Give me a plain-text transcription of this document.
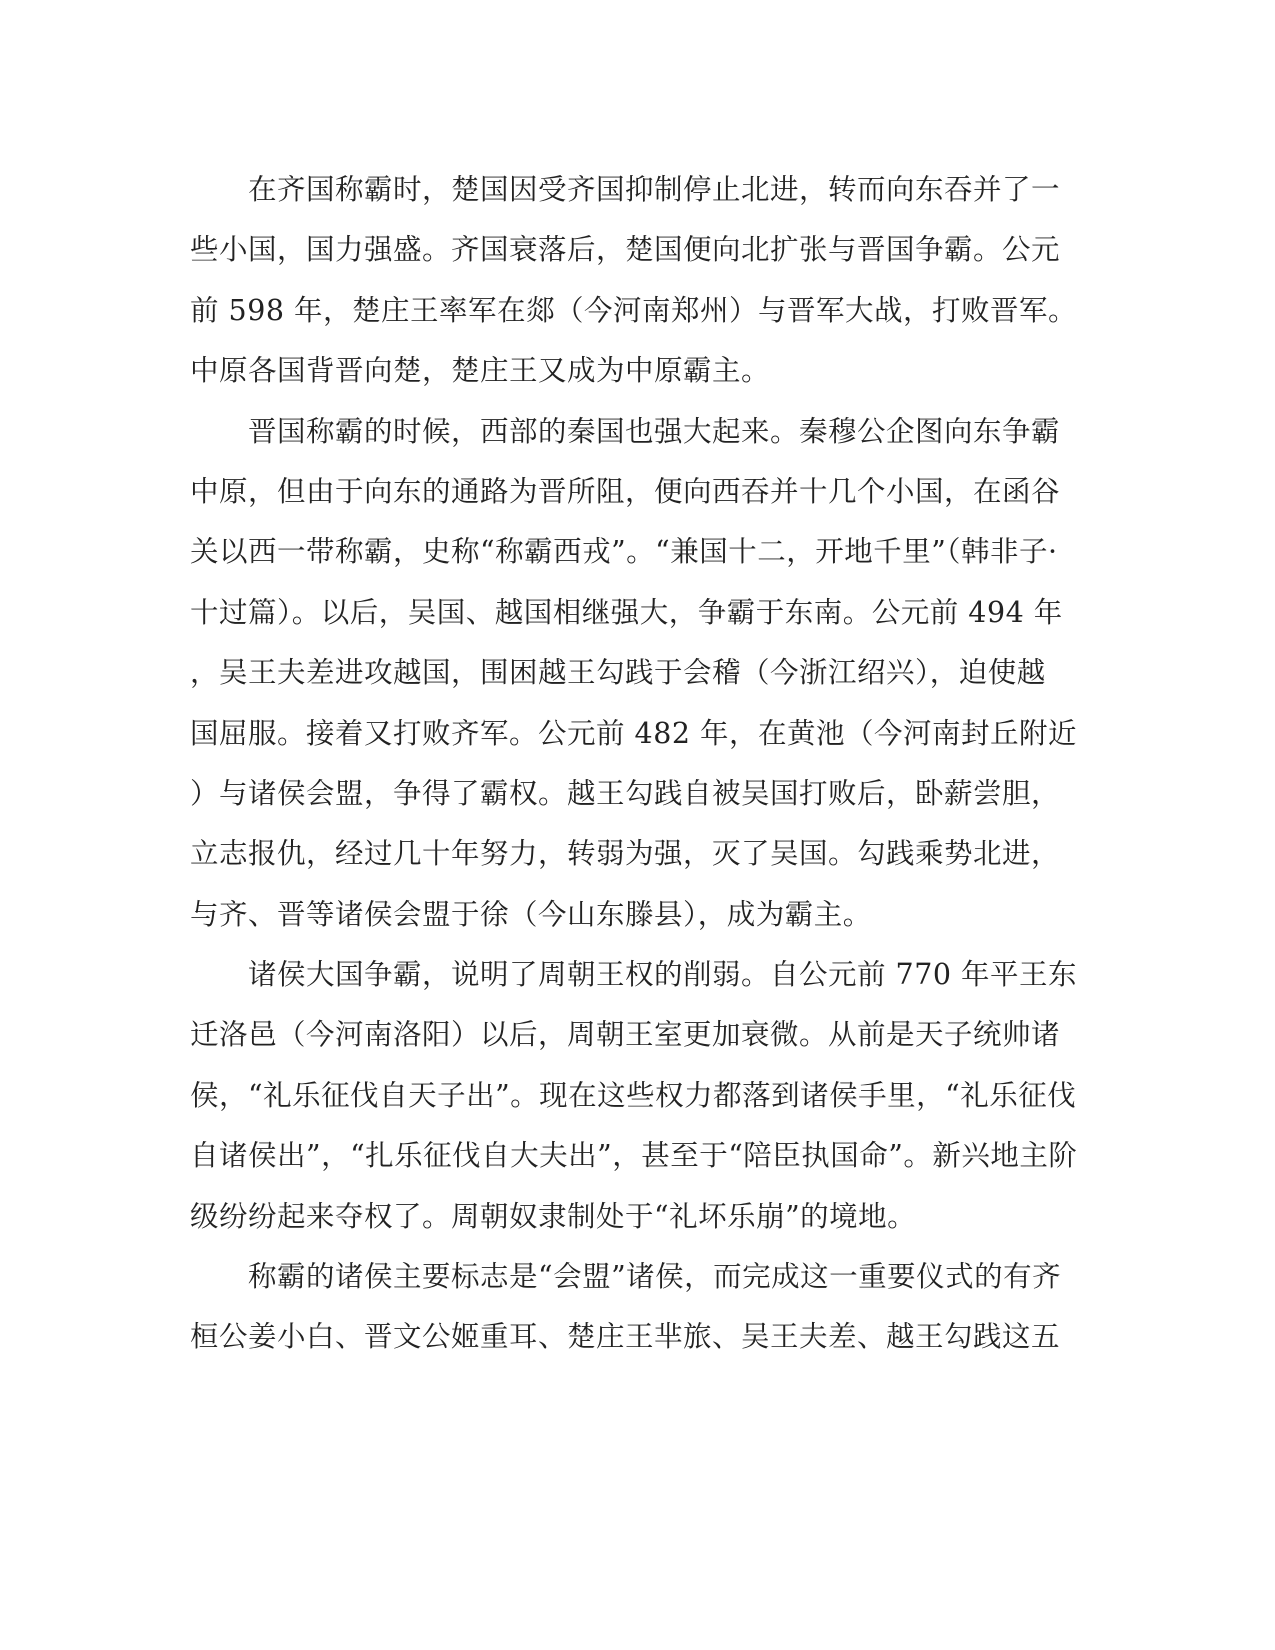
　　在齐国称霸时，楚国因受齐国抑制停止北进，转而向东吞并了一
些小国，国力强盛。齐国衰落后，楚国便向北扩张与晋国争霸。公元
前 598 年，楚庄王率军在郯（今河南郑州）与晋军大战，打败晋军。
中原各国背晋向楚，楚庄王又成为中原霸主。
　　晋国称霸的时候，西部的秦国也强大起来。秦穆公企图向东争霸
中原，但由于向东的通路为晋所阻，便向西吞并十几个小国，在函谷
关以西一带称霸，史称“称霸西戎”。“兼国十二，开地千里”（韩非子·
十过篇）。以后，吴国、越国相继强大，争霸于东南。公元前 494 年
，吴王夫差进攻越国，围困越王勾践于会稽（今浙江绍兴），迫使越
国屈服。接着又打败齐军。公元前 482 年，在黄池（今河南封丘附近
）与诸侯会盟，争得了霸权。越王勾践自被吴国打败后，卧薪尝胆，
立志报仇，经过几十年努力，转弱为强，灭了吴国。勾践乘势北进，
与齐、晋等诸侯会盟于徐（今山东滕县），成为霸主。
　　诸侯大国争霸，说明了周朝王权的削弱。自公元前 770 年平王东
迁洛邑（今河南洛阳）以后，周朝王室更加衰微。从前是天子统帅诸
侯，“礼乐征伐自天子出”。现在这些权力都落到诸侯手里，“礼乐征伐
自诸侯出”，“扎乐征伐自大夫出”，甚至于“陪臣执国命”。新兴地主阶
级纷纷起来夺权了。周朝奴隶制处于“礼坏乐崩”的境地。
　　称霸的诸侯主要标志是“会盟”诸侯，而完成这一重要仪式的有齐
桓公姜小白、晋文公姬重耳、楚庄王芈旅、吴王夫差、越王勾践这五
